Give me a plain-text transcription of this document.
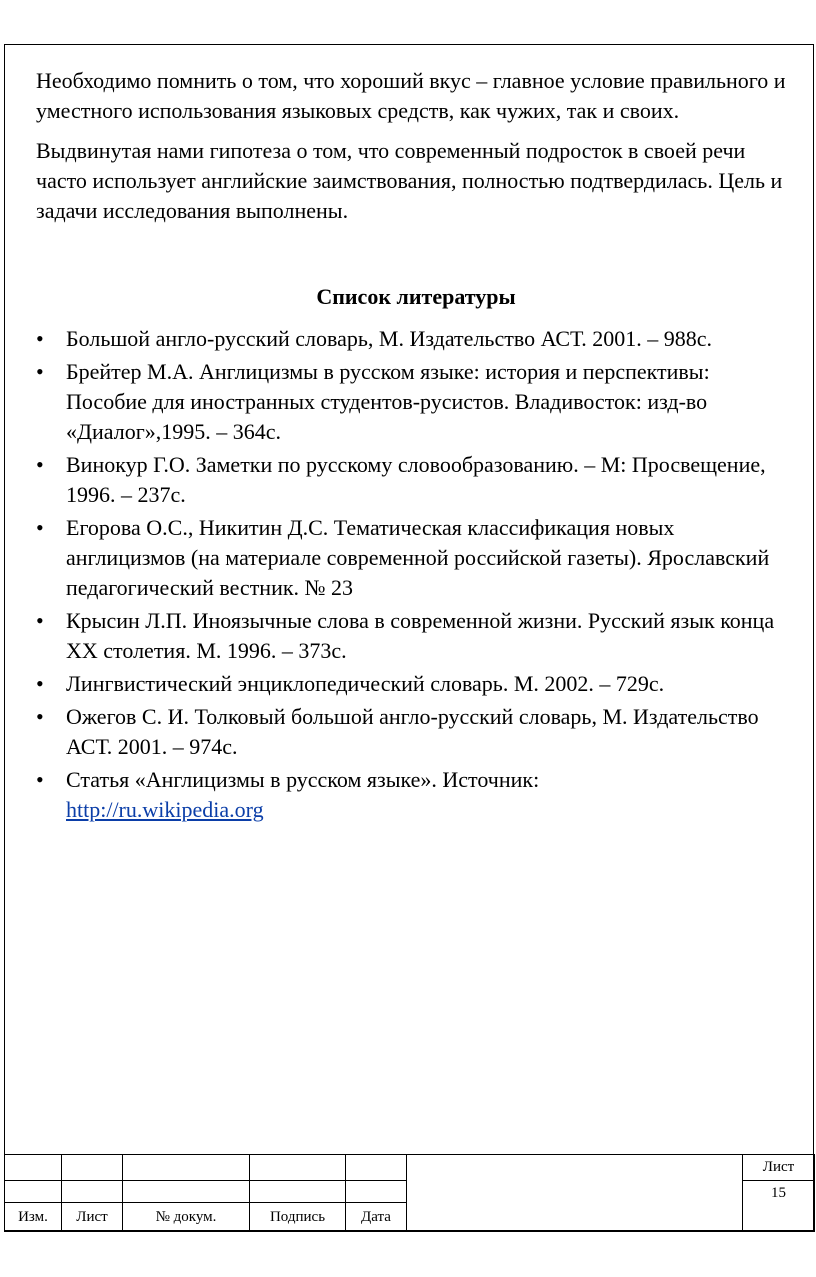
Необходимо помнить о том, что хороший вкус – главное условие правильного и уместного использования языковых средств, как чужих, так и своих.

Выдвинутая нами гипотеза о том, что современный подросток в своей речи часто использует английские заимствования, полностью подтвердилась. Цель и задачи исследования выполнены.

Список литературы
•	Большой англо-русский словарь, М. Издательство АСТ. 2001. – 988с.
•	Брейтер М.А. Англицизмы в русском языке: история и перспективы: Пособие для иностранных студентов-русистов. Владивосток: изд-во «Диалог»,1995. – 364с.
•	Винокур Г.О. Заметки по русскому словообразованию. – М: Просвещение, 1996. – 237с.
•	Егорова О.С., Никитин Д.С. Тематическая классификация новых англицизмов (на материале современной российской газеты). Ярославский педагогический вестник. № 23
•	Крысин Л.П. Иноязычные слова в современной жизни. Русский язык конца XX столетия. М. 1996. – 373с.
•	Лингвистический энциклопедический словарь. М. 2002. – 729с.
•	Ожегов С. И. Толковый большой англо-русский словарь, М. Издательство АСТ. 2001. – 974с.
•	Статья «Англицизмы в русском языке». Источник:
http://ru.wikipedia.org
						Лист
						15
Изм.	Лист	№ докум.	Подпись	Дата		
